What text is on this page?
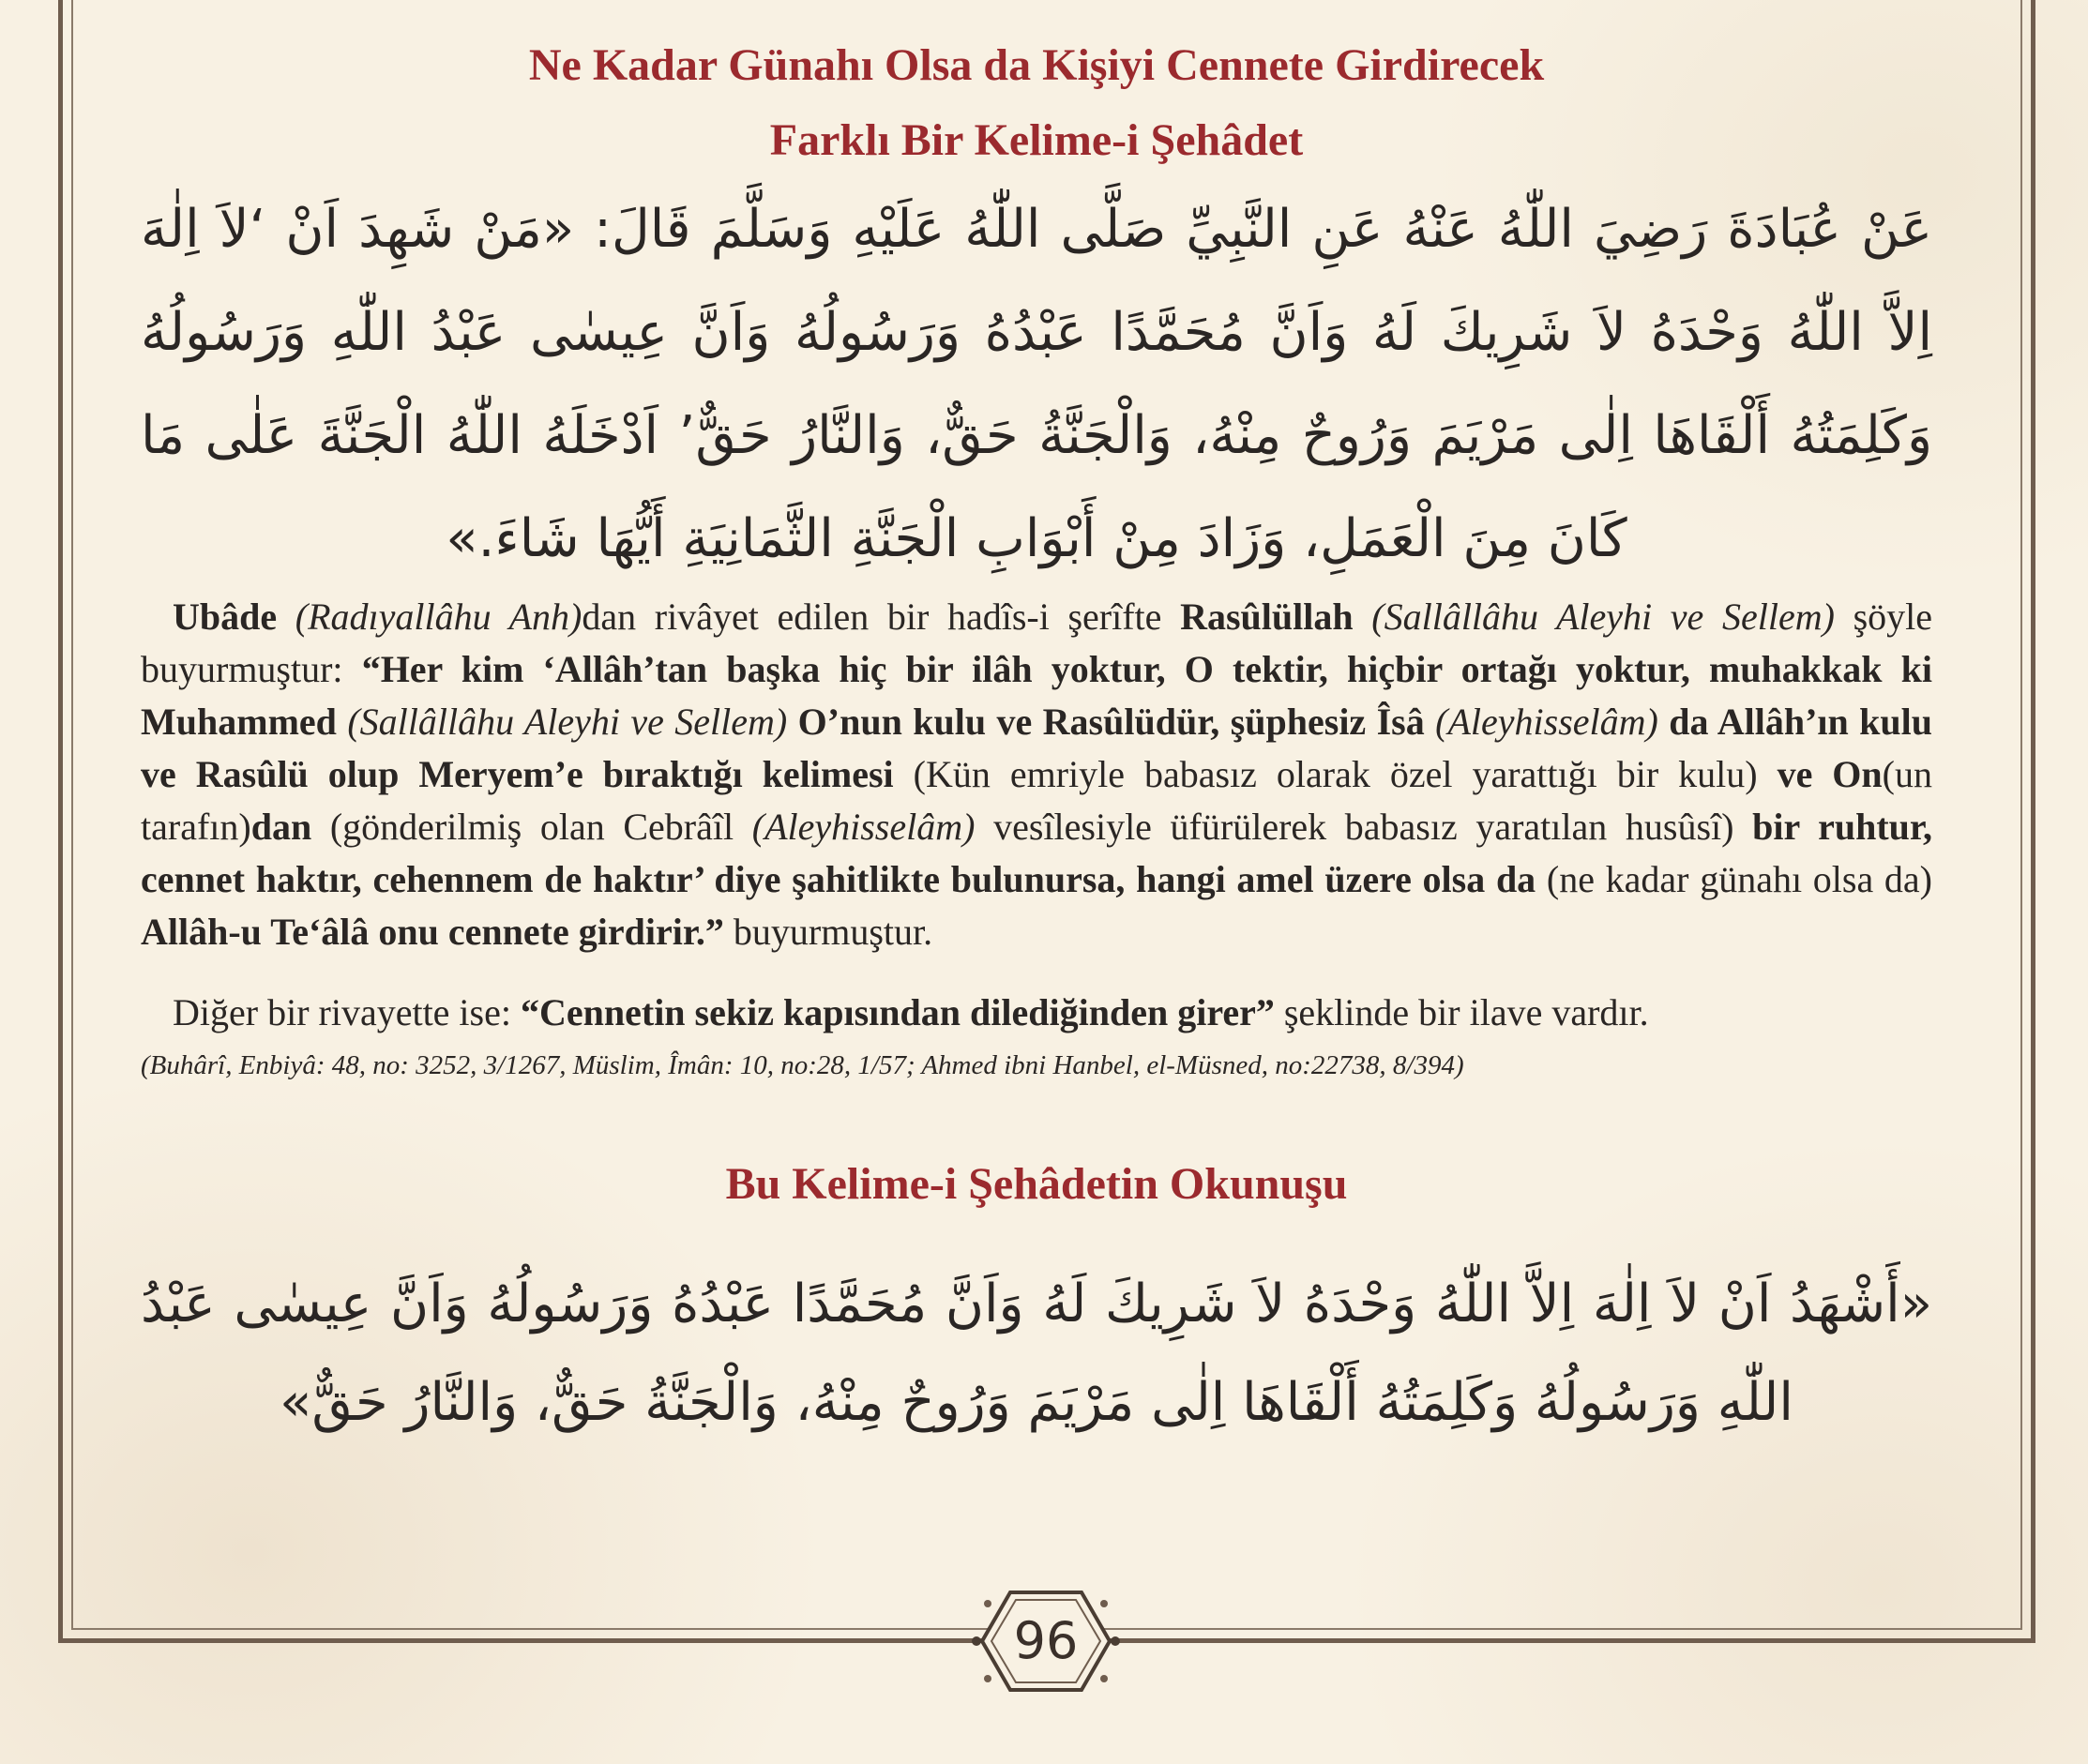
Ne Kadar Günahı Olsa da Kişiyi Cennete Girdirecek
Farklı Bir Kelime-i Şehâdet

عَنْ عُبَادَةَ رَضِيَ اللّٰهُ عَنْهُ عَنِ النَّبِيِّ صَلَّى اللّٰهُ عَلَيْهِ وَسَلَّمَ قَالَ: «مَنْ شَهِدَ اَنْ ‘لاَ اِلٰهَ اِلاَّ اللّٰهُ وَحْدَهُ لاَ شَرِيكَ لَهُ وَاَنَّ مُحَمَّدًا عَبْدُهُ وَرَسُولُهُ وَاَنَّ عِيسٰى عَبْدُ اللّٰهِ وَرَسُولُهُ وَكَلِمَتُهُ أَلْقَاهَا اِلٰى مَرْيَمَ وَرُوحٌ مِنْهُ، وَالْجَنَّةُ حَقٌّ، وَالنَّارُ حَقٌّ’ اَدْخَلَهُ اللّٰهُ الْجَنَّةَ عَلٰى مَا كَانَ مِنَ الْعَمَلِ، وَزَادَ مِنْ أَبْوَابِ الْجَنَّةِ الثَّمَانِيَةِ أَيُّهَا شَاءَ.»

Ubâde (Radıyallâhu Anh)dan rivâyet edilen bir hadîs-i şerîfte Rasûlüllah (Sallâllâhu Aleyhi ve Sellem) şöyle buyurmuştur: “Her kim ‘Allâh’tan başka hiç bir ilâh yoktur, O tektir, hiçbir ortağı yoktur, muhakkak ki Muhammed (Sallâllâhu Aleyhi ve Sellem) O’nun kulu ve Rasûlüdür, şüphesiz Îsâ (Aleyhisselâm) da Allâh’ın kulu ve Rasûlü olup Meryem’e bıraktığı kelimesi (Kün emriyle babasız olarak özel yarattığı bir kulu) ve On(un tarafın)dan (gönderilmiş olan Cebrâîl (Aleyhisselâm) vesîlesiyle üfürülerek babasız yaratılan husûsî) bir ruhtur, cennet haktır, cehennem de haktır’ diye şahitlikte bulunursa, hangi amel üzere olsa da (ne kadar günahı olsa da) Allâh-u Te‘âlâ onu cennete girdirir.” buyurmuştur.

Diğer bir rivayette ise: “Cennetin sekiz kapısından dilediğinden girer” şeklinde bir ilave vardır.

(Buhârî, Enbiyâ: 48, no: 3252, 3/1267, Müslim, Îmân: 10, no:28, 1/57; Ahmed ibni Hanbel, el-Müsned, no:22738, 8/394)

Bu Kelime-i Şehâdetin Okunuşu

«أَشْهَدُ اَنْ لاَ اِلٰهَ اِلاَّ اللّٰهُ وَحْدَهُ لاَ شَرِيكَ لَهُ وَاَنَّ مُحَمَّدًا عَبْدُهُ وَرَسُولُهُ وَاَنَّ عِيسٰى عَبْدُ اللّٰهِ وَرَسُولُهُ وَكَلِمَتُهُ أَلْقَاهَا اِلٰى مَرْيَمَ وَرُوحٌ مِنْهُ، وَالْجَنَّةُ حَقٌّ، وَالنَّارُ حَقٌّ»

96
